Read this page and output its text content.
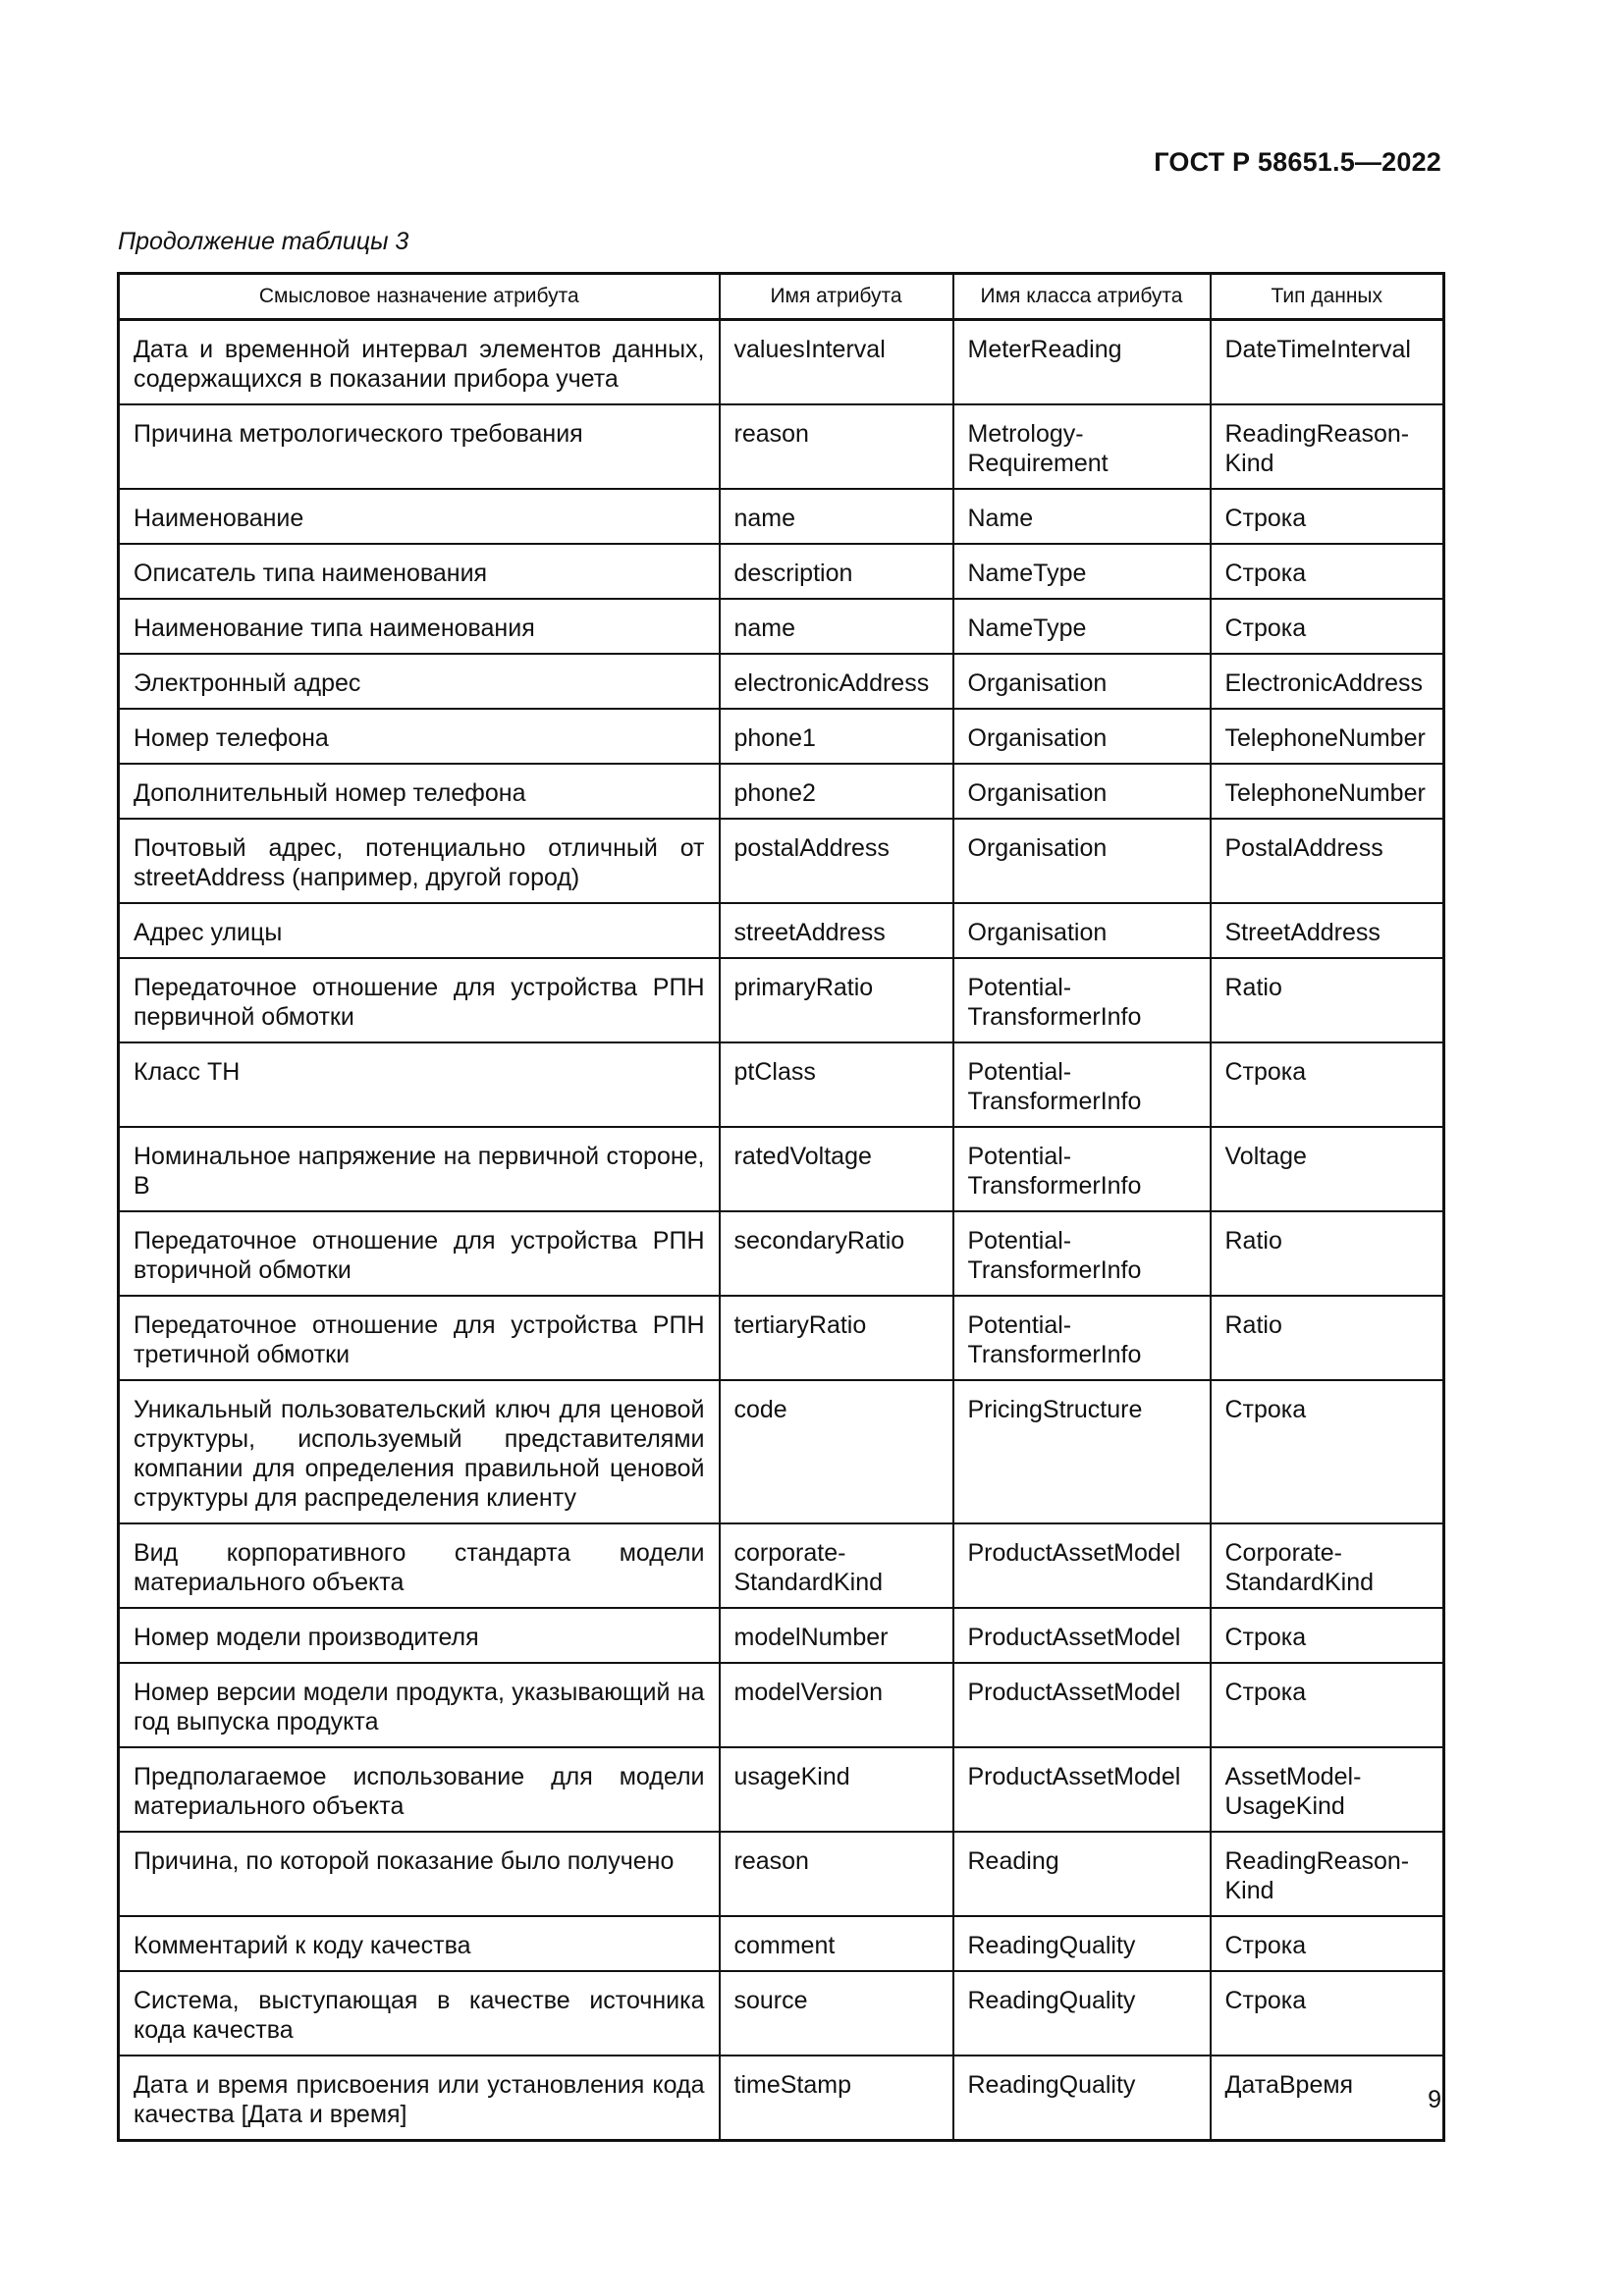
ГОСТ Р 58651.5—2022
Продолжение таблицы 3
Смысловое назначение атрибута	Имя атрибута	Имя класса атрибута	Тип данных
Дата и временной интервал элементов данных, содержащихся в показании прибора учета	valuesInterval	MeterReading	DateTimeInterval
Причина метрологического требования	reason	Metrology-Requirement	ReadingReason-Kind
Наименование	name	Name	Строка
Описатель типа наименования	description	NameType	Строка
Наименование типа наименования	name	NameType	Строка
Электронный адрес	electronicAddress	Organisation	ElectronicAddress
Номер телефона	phone1	Organisation	TelephoneNumber
Дополнительный номер телефона	phone2	Organisation	TelephoneNumber
Почтовый адрес, потенциально отличный от streetAddress (например, другой город)	postalAddress	Organisation	PostalAddress
Адрес улицы	streetAddress	Organisation	StreetAddress
Передаточное отношение для устройства РПН первичной обмотки	primaryRatio	Potential-TransformerInfo	Ratio
Класс ТН	ptClass	Potential-TransformerInfo	Строка
Номинальное напряжение на первичной стороне, В	ratedVoltage	Potential-TransformerInfo	Voltage
Передаточное отношение для устройства РПН вторичной обмотки	secondaryRatio	Potential-TransformerInfo	Ratio
Передаточное отношение для устройства РПН третичной обмотки	tertiaryRatio	Potential-TransformerInfo	Ratio
Уникальный пользовательский ключ для ценовой структуры, используемый представителями компании для определения правильной ценовой структуры для распределения клиенту	code	PricingStructure	Строка
Вид корпоративного стандарта модели материального объекта	corporate-StandardKind	ProductAssetModel	Corporate-StandardKind
Номер модели производителя	modelNumber	ProductAssetModel	Строка
Номер версии модели продукта, указывающий на год выпуска продукта	modelVersion	ProductAssetModel	Строка
Предполагаемое использование для модели материального объекта	usageKind	ProductAssetModel	AssetModel-UsageKind
Причина, по которой показание было получено	reason	Reading	ReadingReason-Kind
Комментарий к коду качества	comment	ReadingQuality	Строка
Система, выступающая в качестве источника кода качества	source	ReadingQuality	Строка
Дата и время присвоения или установления кода качества [Дата и время]	timeStamp	ReadingQuality	ДатаВремя
9
